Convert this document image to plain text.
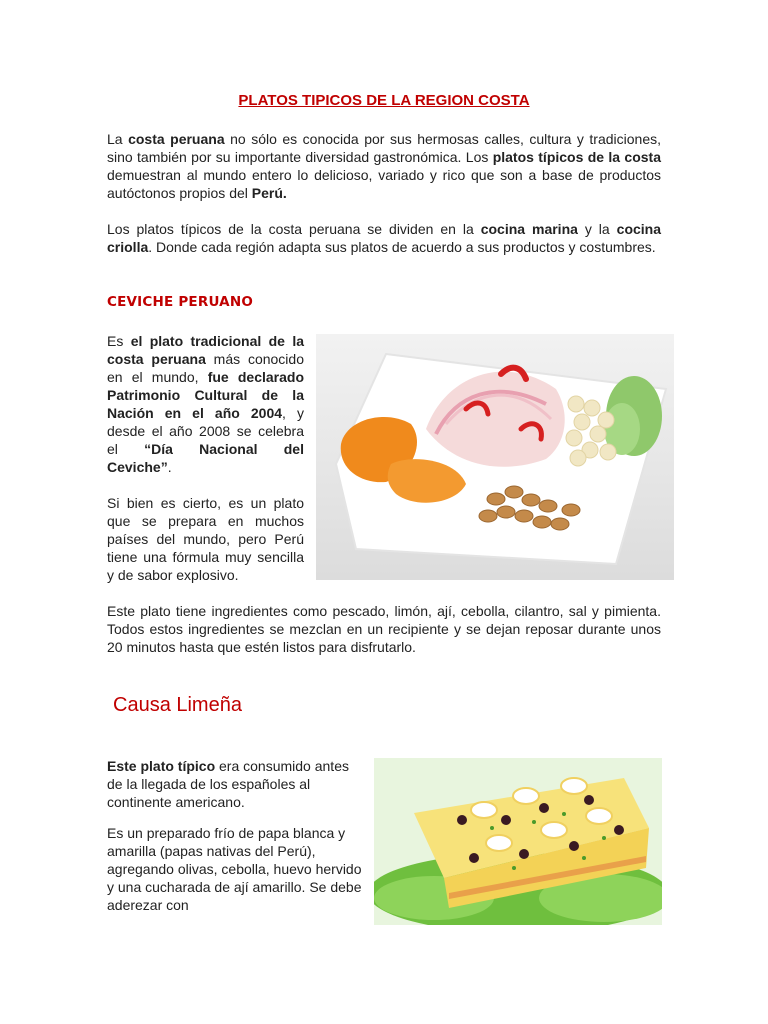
PLATOS TIPICOS DE LA REGION COSTA
La costa peruana no sólo es conocida por sus hermosas calles, cultura y tradiciones, sino también por su importante diversidad gastronómica. Los platos típicos de la costa demuestran al mundo entero lo delicioso, variado y rico que son a base de productos autóctonos propios del Perú.
Los platos típicos de la costa peruana se dividen en la cocina marina y la cocina criolla. Donde cada región adapta sus platos de acuerdo a sus productos y costumbres.
CEVICHE PERUANO
Es el plato tradicional de la costa peruana más conocido en el mundo, fue declarado Patrimonio Cultural de la Nación en el año 2004, y desde el año 2008 se celebra el “Día Nacional del Ceviche”.
Si bien es cierto, es un plato que se prepara en muchos países del mundo, pero Perú tiene una fórmula muy sencilla y de sabor explosivo.
Este plato tiene ingredientes como pescado, limón, ají, cebolla, cilantro, sal y pimienta. Todos estos ingredientes se mezclan en un recipiente y se dejan reposar durante unos 20 minutos hasta que estén listos para disfrutarlo.
Causa Limeña
Este plato típico era consumido antes de la llegada de los españoles al continente americano.
Es un preparado frío de papa blanca y amarilla (papas nativas del Perú), agregando olivas, cebolla, huevo hervido y una cucharada de ají amarillo. Se debe aderezar con
